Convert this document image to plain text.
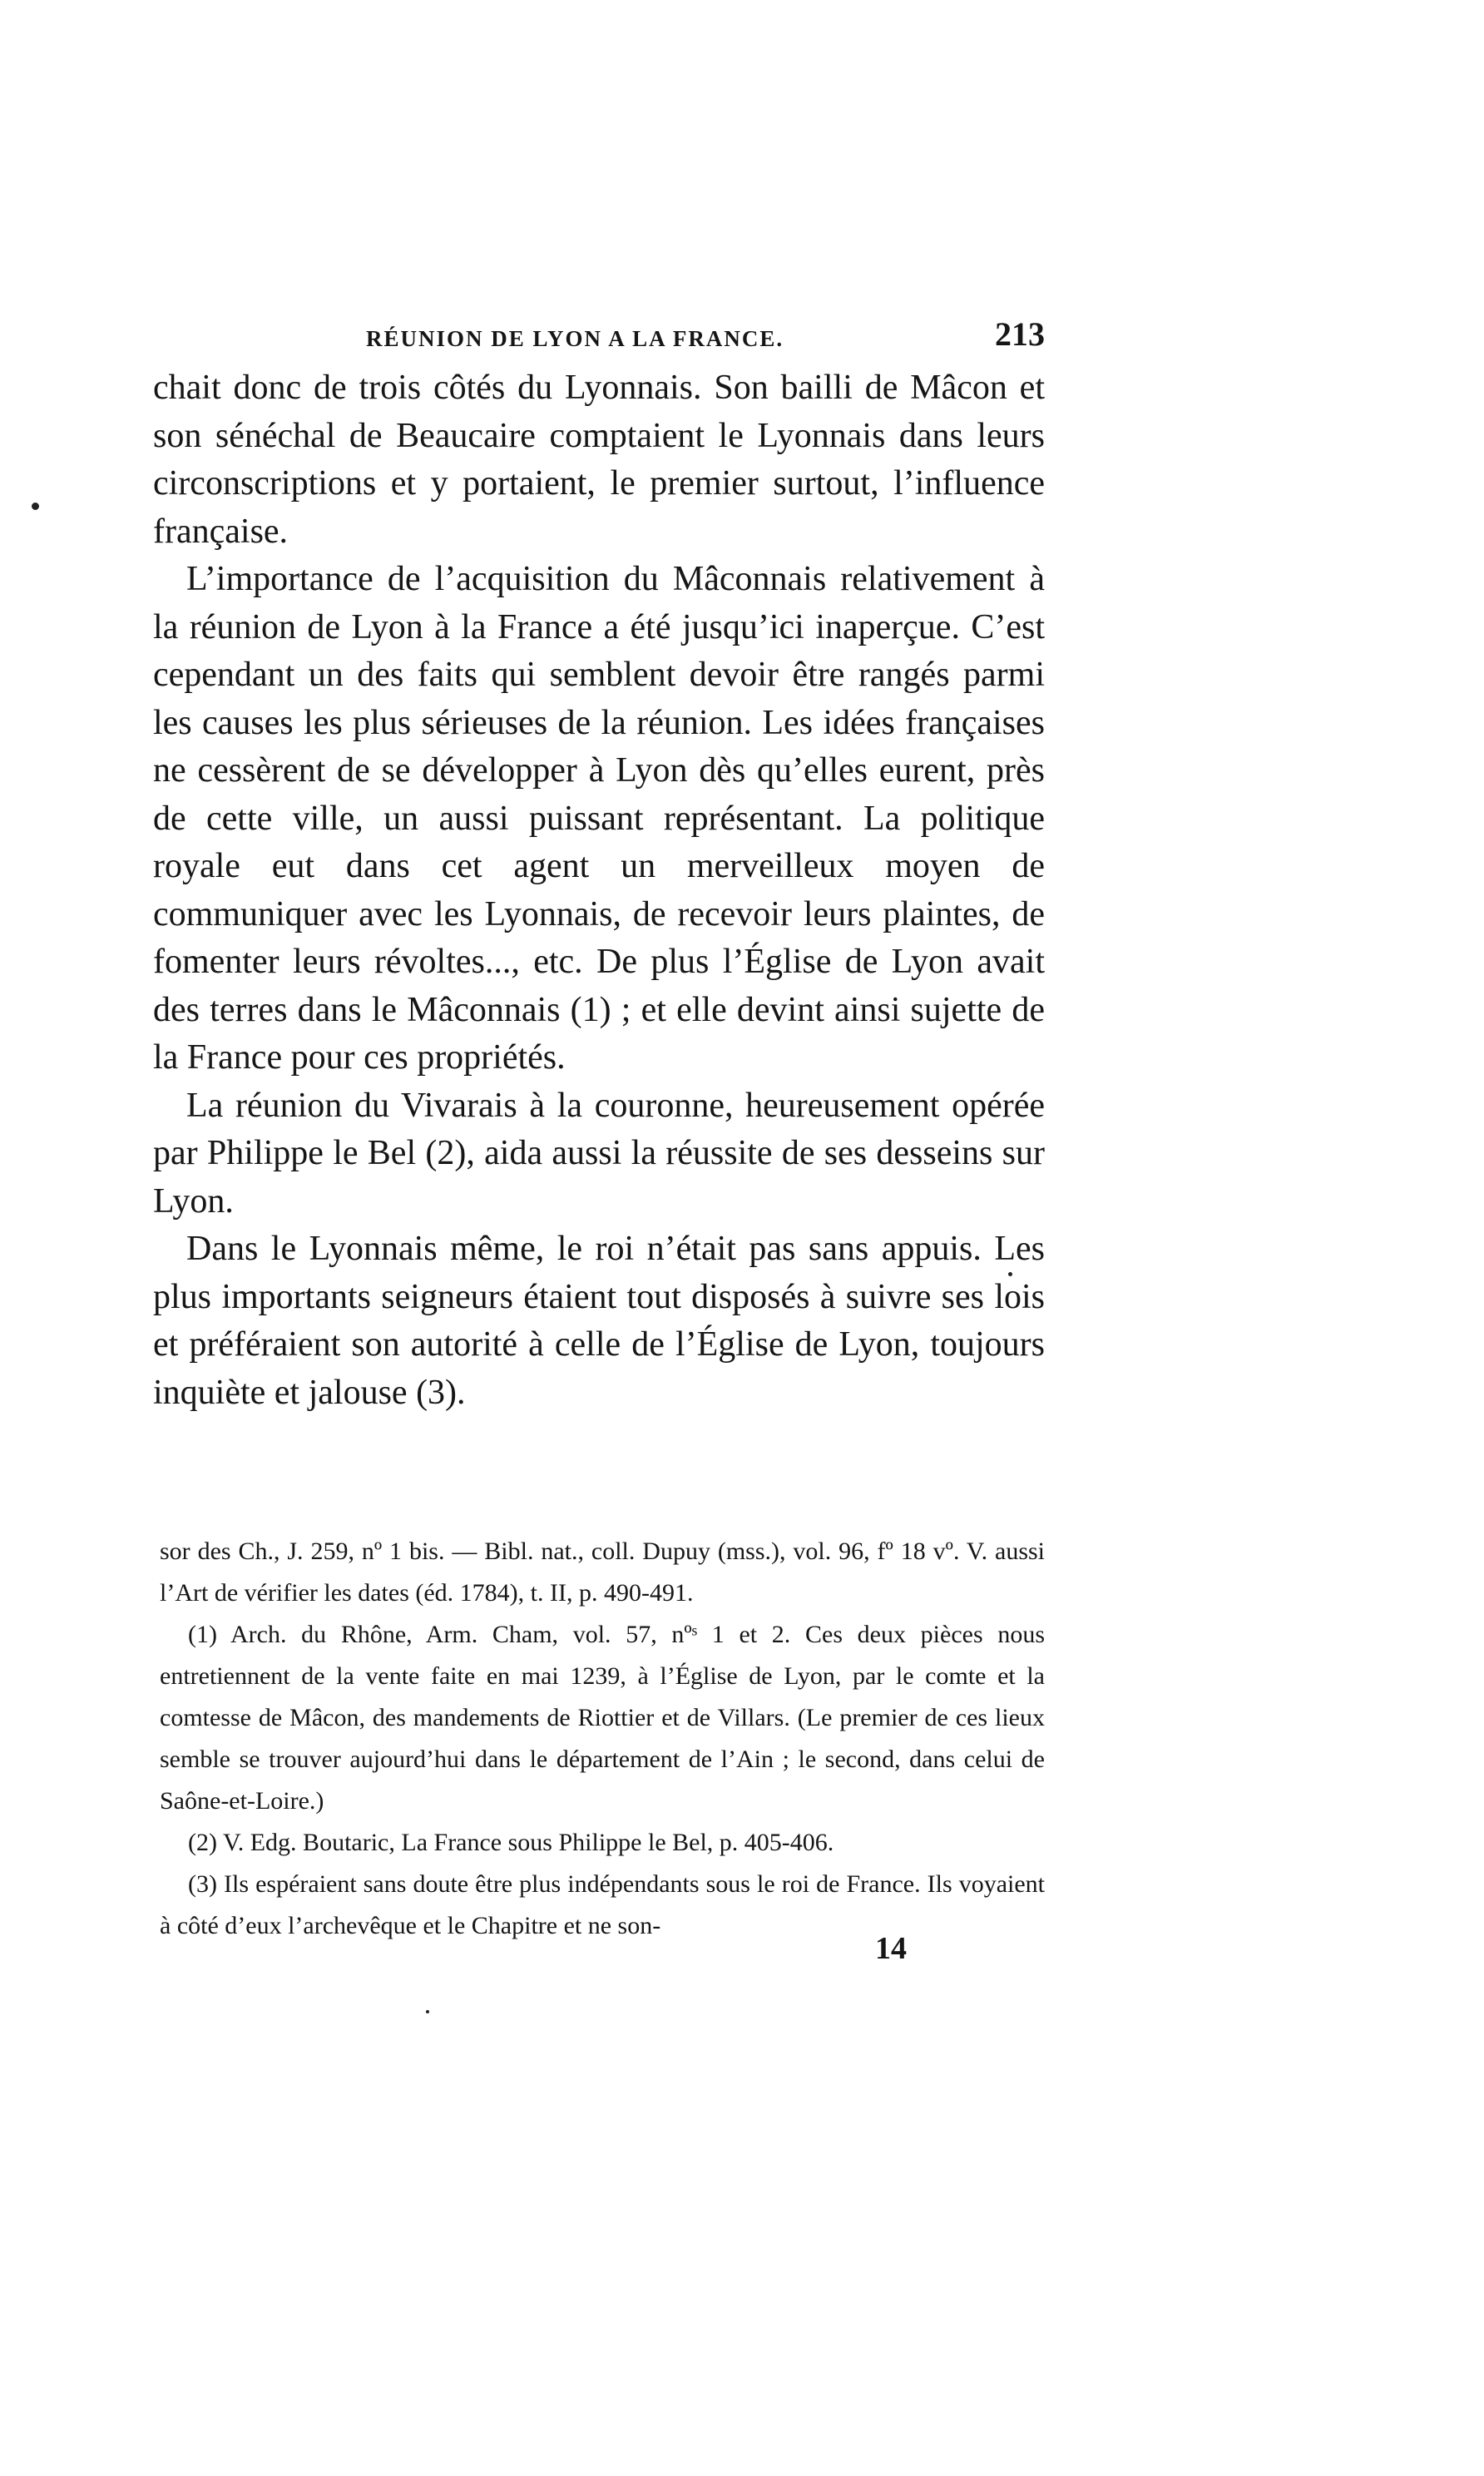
RÉUNION DE LYON A LA FRANCE.	213

chait donc de trois côtés du Lyonnais. Son bailli de Mâcon et son sénéchal de Beaucaire comptaient le Lyonnais dans leurs circonscriptions et y portaient, le premier surtout, l’influence française.

L’importance de l’acquisition du Mâconnais relativement à la réunion de Lyon à la France a été jusqu’ici inaperçue. C’est cependant un des faits qui semblent devoir être rangés parmi les causes les plus sérieuses de la réunion. Les idées françaises ne cessèrent de se développer à Lyon dès qu’elles eurent, près de cette ville, un aussi puissant représentant. La politique royale eut dans cet agent un merveilleux moyen de communiquer avec les Lyonnais, de recevoir leurs plaintes, de fomenter leurs révoltes..., etc. De plus l’Église de Lyon avait des terres dans le Mâconnais (1) ; et elle devint ainsi sujette de la France pour ces propriétés.

La réunion du Vivarais à la couronne, heureusement opérée par Philippe le Bel (2), aida aussi la réussite de ses desseins sur Lyon.

Dans le Lyonnais même, le roi n’était pas sans appuis. Les plus importants seigneurs étaient tout disposés à suivre ses lois et préféraient son autorité à celle de l’Église de Lyon, toujours inquiète et jalouse (3).

sor des Ch., J. 259, nº 1 bis. — Bibl. nat., coll. Dupuy (mss.), vol. 96, fº 18 vº. V. aussi l’Art de vérifier les dates (éd. 1784), t. II, p. 490-491.

(1) Arch. du Rhône, Arm. Cham, vol. 57, nºˢ 1 et 2. Ces deux pièces nous entretiennent de la vente faite en mai 1239, à l’Église de Lyon, par le comte et la comtesse de Mâcon, des mandements de Riottier et de Villars. (Le premier de ces lieux semble se trouver aujourd’hui dans le département de l’Ain ; le second, dans celui de Saône-et-Loire.)

(2) V. Edg. Boutaric, La France sous Philippe le Bel, p. 405-406.

(3) Ils espéraient sans doute être plus indépendants sous le roi de France. Ils voyaient à côté d’eux l’archevêque et le Chapitre et ne son-

14
